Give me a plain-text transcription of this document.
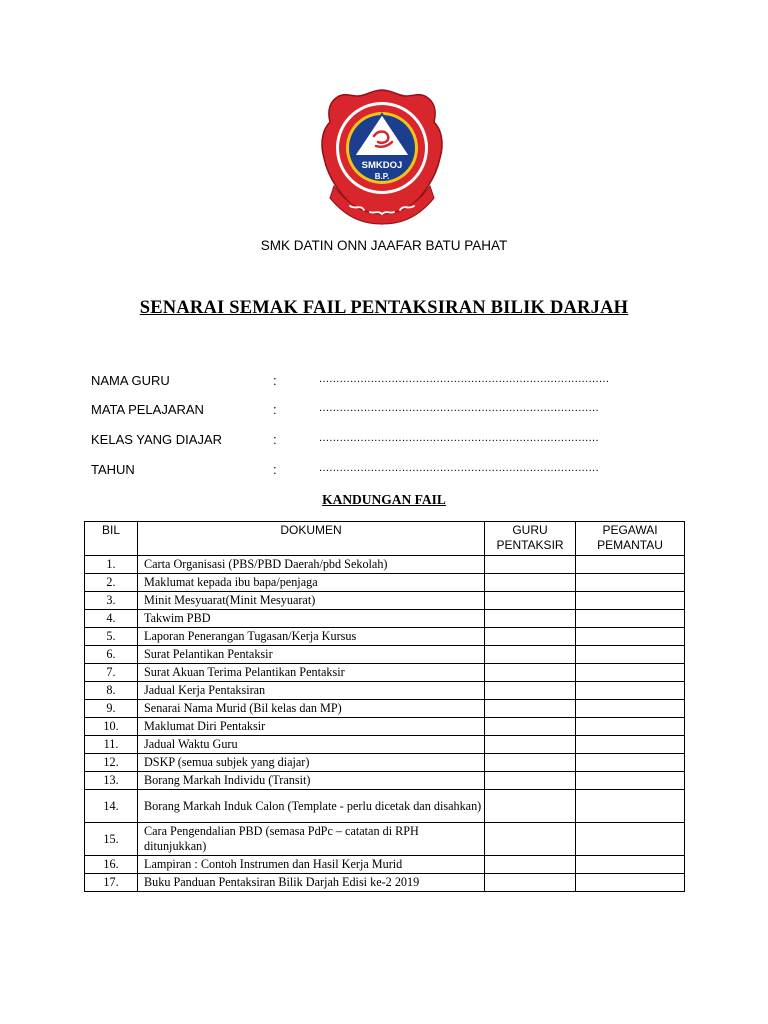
SMKDOJ
B.P.
SMK DATIN ONN JAAFAR BATU PAHAT
SENARAI SEMAK FAIL PENTAKSIRAN BILIK DARJAH
NAMA GURU	:	....................................................................................
MATA PELAJARAN	:	.................................................................................
KELAS YANG DIAJAR	:	.................................................................................
TAHUN	:	.................................................................................
KANDUNGAN FAIL
BIL	DOKUMEN	GURU PENTAKSIR	PEGAWAI PEMANTAU
1.	Carta Organisasi (PBS/PBD Daerah/pbd Sekolah)		
2.	Maklumat kepada ibu bapa/penjaga		
3.	Minit Mesyuarat(Minit Mesyuarat)		
4.	Takwim PBD		
5.	Laporan Penerangan Tugasan/Kerja Kursus		
6.	Surat Pelantikan Pentaksir		
7.	Surat Akuan Terima Pelantikan Pentaksir		
8.	Jadual Kerja Pentaksiran		
9.	Senarai Nama Murid (Bil kelas dan MP)		
10.	Maklumat Diri Pentaksir		
11.	Jadual Waktu Guru		
12.	DSKP (semua subjek yang diajar)		
13.	Borang Markah Individu (Transit)		
14.	Borang Markah Induk Calon (Template - perlu dicetak dan disahkan)		
15.	Cara Pengendalian PBD (semasa PdPc – catatan di RPH ditunjukkan)		
16.	Lampiran : Contoh Instrumen dan Hasil Kerja Murid		
17.	Buku Panduan Pentaksiran Bilik Darjah Edisi ke-2 2019		
